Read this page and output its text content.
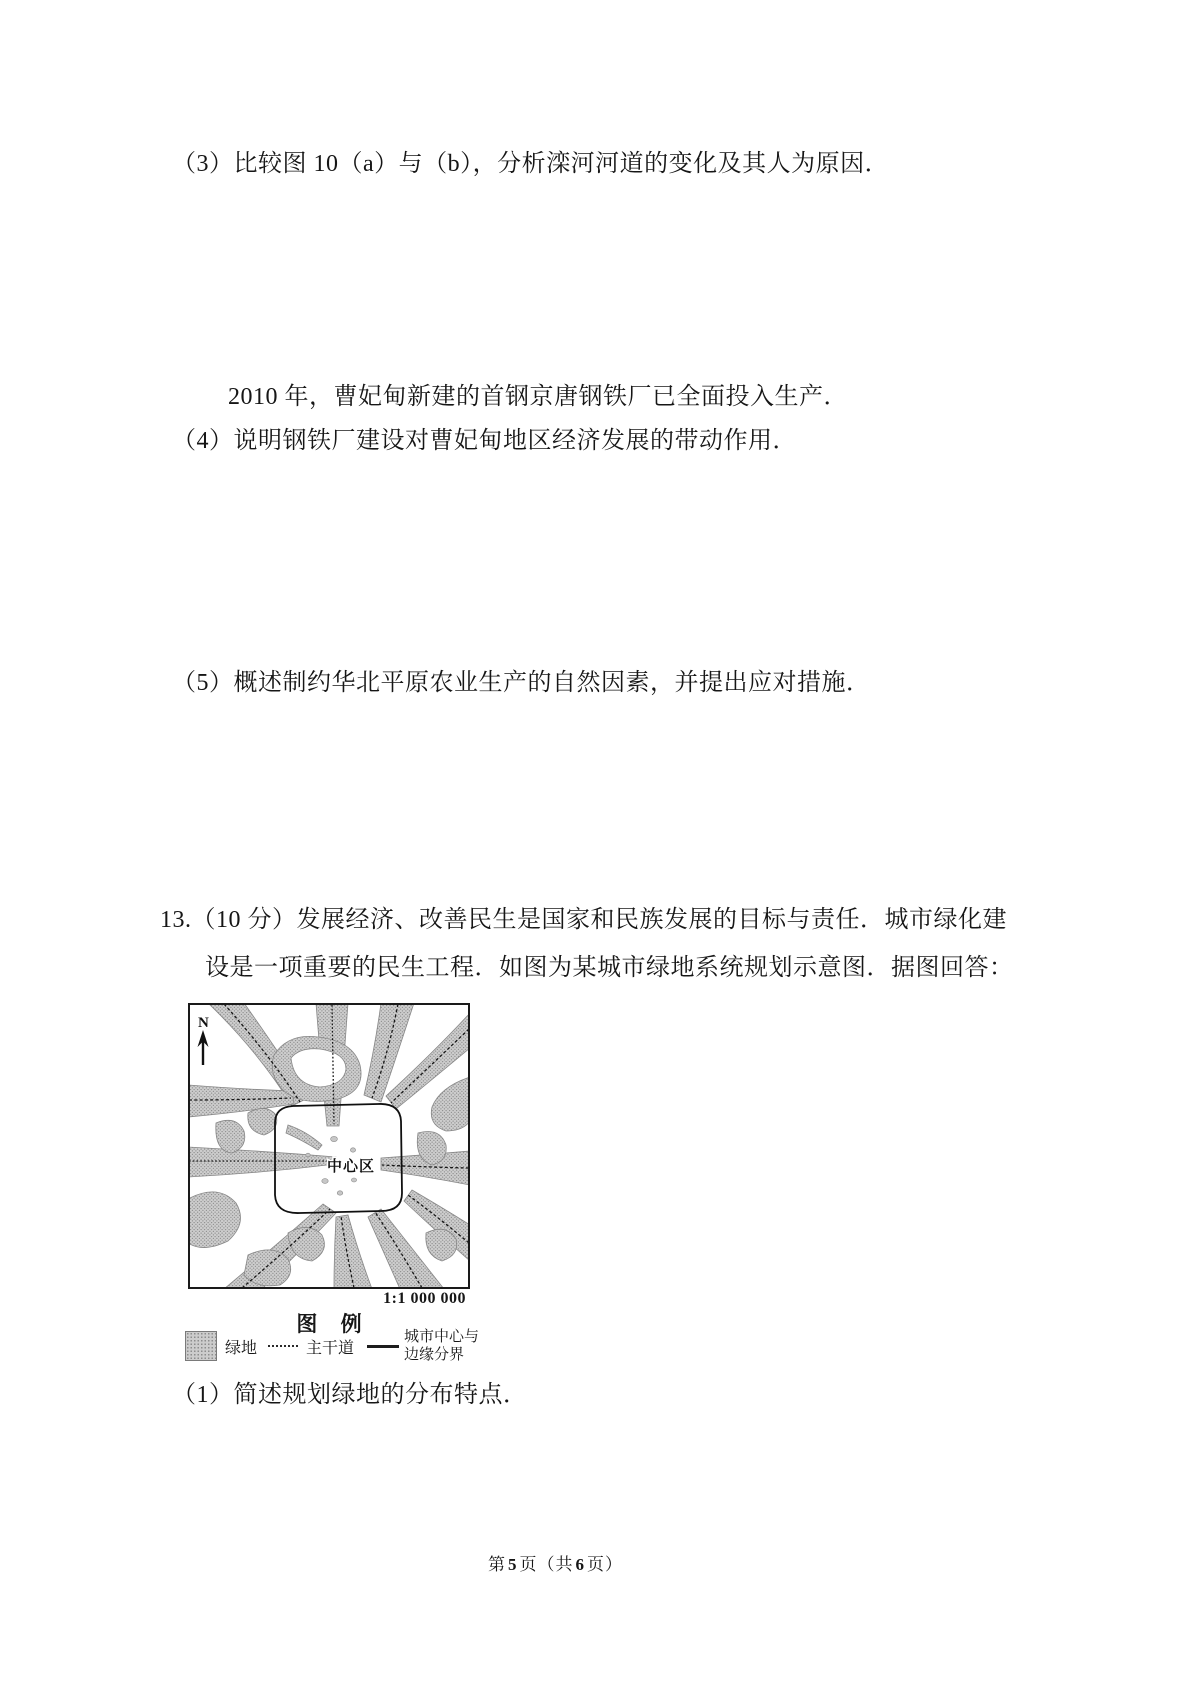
（3）比较图 10（a）与（b），分析滦河河道的变化及其人为原因．
2010 年，曹妃甸新建的首钢京唐钢铁厂已全面投入生产．
（4）说明钢铁厂建设对曹妃甸地区经济发展的带动作用．
（5）概述制约华北平原农业生产的自然因素，并提出应对措施．
13.（10 分）发展经济、改善民生是国家和民族发展的目标与责任．城市绿化建
设是一项重要的民生工程．如图为某城市绿地系统规划示意图．据图回答：
N
中心区
1:1 000 000
图 例
绿地	主干道
城市中心与
边缘分界
（1）简述规划绿地的分布特点．
第 5 页（共 6 页）
